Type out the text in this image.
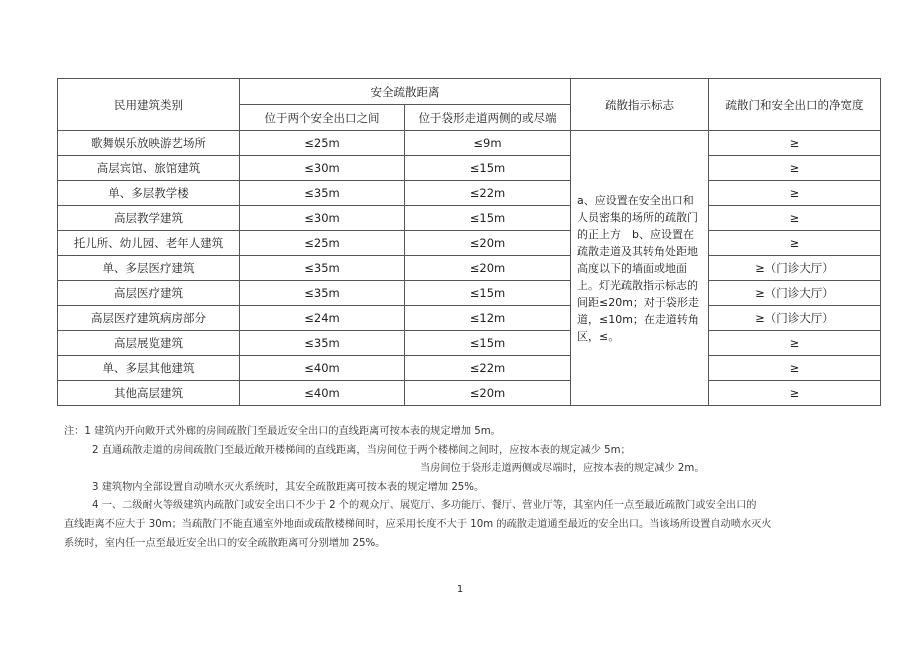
民用建筑类别	安全疏散距离		疏散指示标志	疏散门和安全出口的净宽度
	位于两个安全出口之间	位于袋形走道两侧的或尽端		
歌舞娱乐放映游艺场所	≤25m	≤9m	a、应设置在安全出口和人员密集的场所的疏散门的正上方　b、应设置在疏散走道及其转角处距地高度以下的墙面或地面上。灯光疏散指示标志的间距≤20m；对于袋形走道，≤10m；在走道转角区，≤。	≥
高层宾馆、旅馆建筑	≤30m	≤15m		≥
单、多层教学楼	≤35m	≤22m		≥
高层教学建筑	≤30m	≤15m		≥
托儿所、幼儿园、老年人建筑	≤25m	≤20m		≥
单、多层医疗建筑	≤35m	≤20m		≥（门诊大厅）
高层医疗建筑	≤35m	≤15m		≥（门诊大厅）
高层医疗建筑病房部分	≤24m	≤12m		≥（门诊大厅）
高层展览建筑	≤35m	≤15m		≥
单、多层其他建筑	≤40m	≤22m		≥
其他高层建筑	≤40m	≤20m		≥
注：1 建筑内开向敞开式外廊的房间疏散门至最近安全出口的直线距离可按本表的规定增加 5m。
2 直通疏散走道的房间疏散门至最近敞开楼梯间的直线距离，当房间位于两个楼梯间之间时，应按本表的规定减少 5m；
当房间位于袋形走道两侧或尽端时，应按本表的规定减少 2m。
3 建筑物内全部设置自动喷水灭火系统时，其安全疏散距离可按本表的规定增加 25%。
4 一、二级耐火等级建筑内疏散门或安全出口不少于 2 个的观众厅、展览厅、多功能厅、餐厅、营业厅等，其室内任一点至最近疏散门或安全出口的
直线距离不应大于 30m；当疏散门不能直通室外地面或疏散楼梯间时，应采用长度不大于 10m 的疏散走道通至最近的安全出口。当该场所设置自动喷水灭火
系统时，室内任一点至最近安全出口的安全疏散距离可分别增加 25%。
1
